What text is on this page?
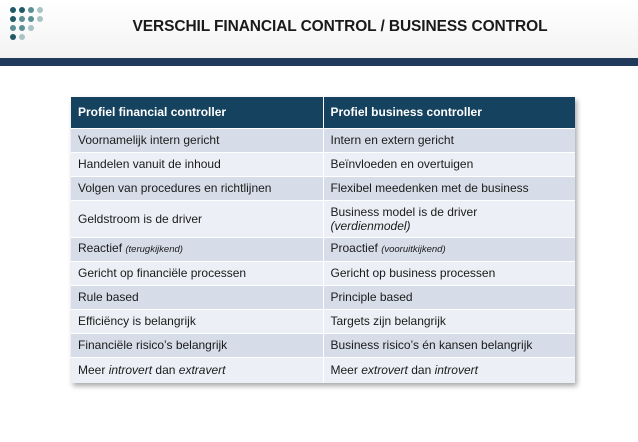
VERSCHIL FINANCIAL CONTROL / BUSINESS CONTROL
Profiel financial controller	Profiel business controller
Voornamelijk intern gericht	Intern en extern gericht
Handelen vanuit de inhoud	Beïnvloeden en overtuigen
Volgen van procedures en richtlijnen	Flexibel meedenken met de business
Geldstroom is de driver	Business model is de driver
(verdienmodel)
Reactief (terugkijkend)	Proactief (vooruitkijkend)
Gericht op financiële processen	Gericht op business processen
Rule based	Principle based
Efficiëncy is belangrijk	Targets zijn belangrijk
Financiële risico’s belangrijk	Business risico’s én kansen belangrijk
Meer introvert dan extravert	Meer extrovert dan introvert
